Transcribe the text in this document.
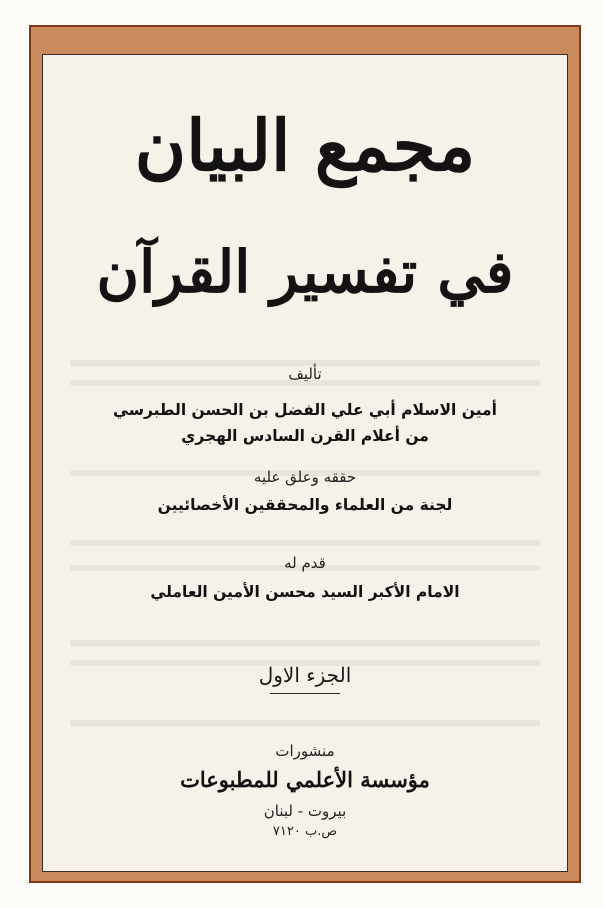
مجمع البيان
في تفسير القرآن
تأليف
أمين الاسلام أبي علي الفضل بن الحسن الطبرسي
من أعلام القرن السادس الهجري
حققه وعلق عليه
لجنة من العلماء والمحققين الأخصائيين
قدم له
الامام الأكبر السيد محسن الأمين العاملي
الجزء الاول
منشورات
مؤسسة الأعلمي للمطبوعات
بيروت - لبنان
ص.ب ٧١٢٠
